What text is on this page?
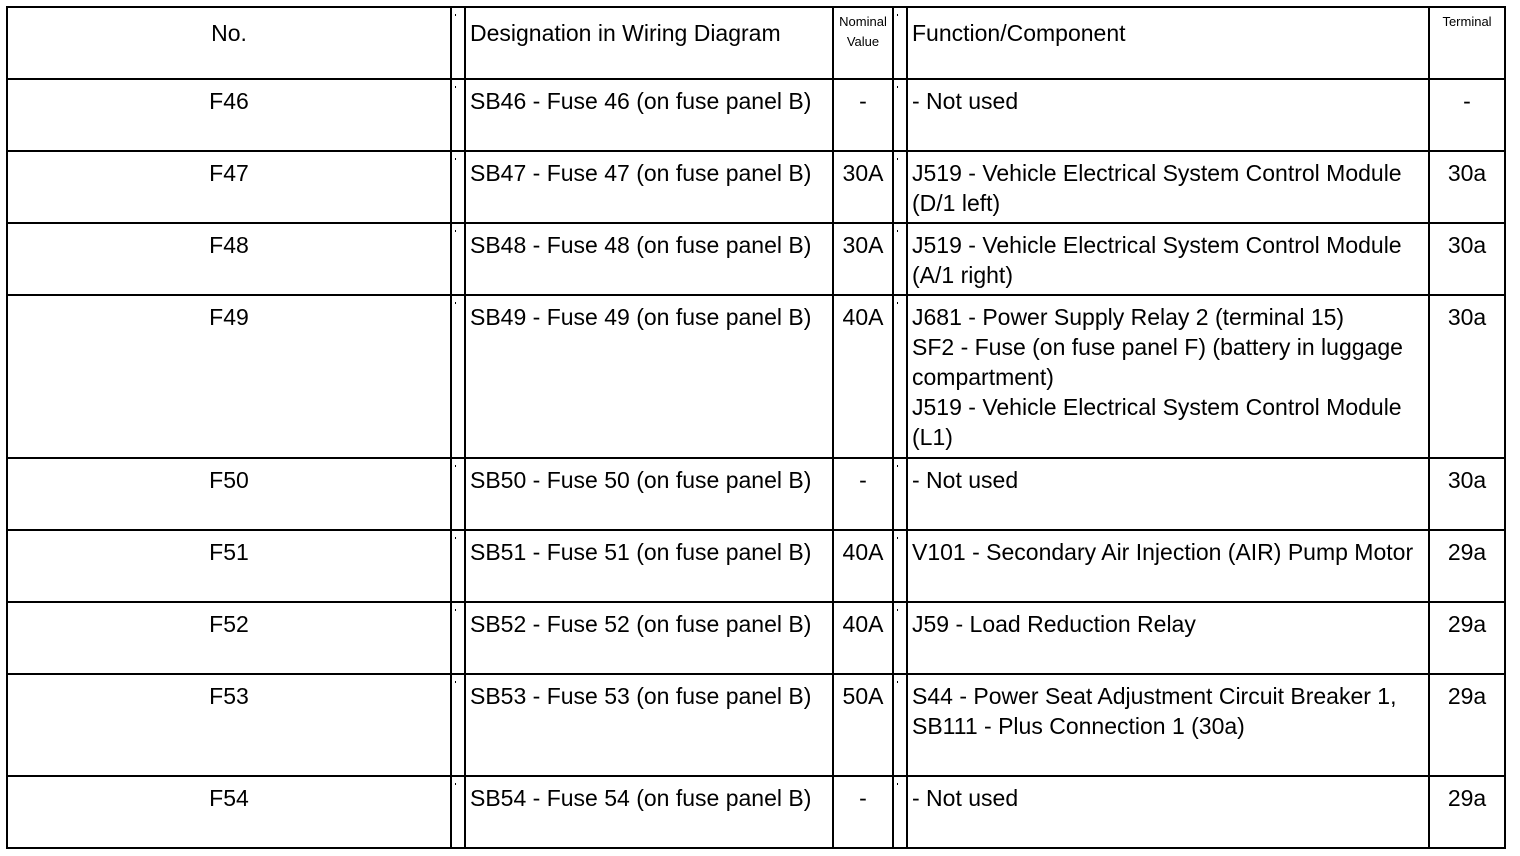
No.		Designation in Wiring Diagram	Nominal Value		Function/Component	Terminal
F46		SB46 - Fuse 46 (on fuse panel B)	-		- Not used	-
F47		SB47 - Fuse 47 (on fuse panel B)	30A		J519 - Vehicle Electrical System Control Module (D/1 left)	30a
F48		SB48 - Fuse 48 (on fuse panel B)	30A		J519 - Vehicle Electrical System Control Module (A/1 right)	30a
F49		SB49 - Fuse 49 (on fuse panel B)	40A		J681 - Power Supply Relay 2 (terminal 15)
SF2 - Fuse (on fuse panel F) (battery in luggage compartment)
J519 - Vehicle Electrical System Control Module (L1)	30a
F50		SB50 - Fuse 50 (on fuse panel B)	-		- Not used	30a
F51		SB51 - Fuse 51 (on fuse panel B)	40A		V101 - Secondary Air Injection (AIR) Pump Motor	29a
F52		SB52 - Fuse 52 (on fuse panel B)	40A		J59 - Load Reduction Relay	29a
F53		SB53 - Fuse 53 (on fuse panel B)	50A		S44 - Power Seat Adjustment Circuit Breaker 1,
SB111 - Plus Connection 1 (30a)	29a
F54		SB54 - Fuse 54 (on fuse panel B)	-		- Not used	29a
